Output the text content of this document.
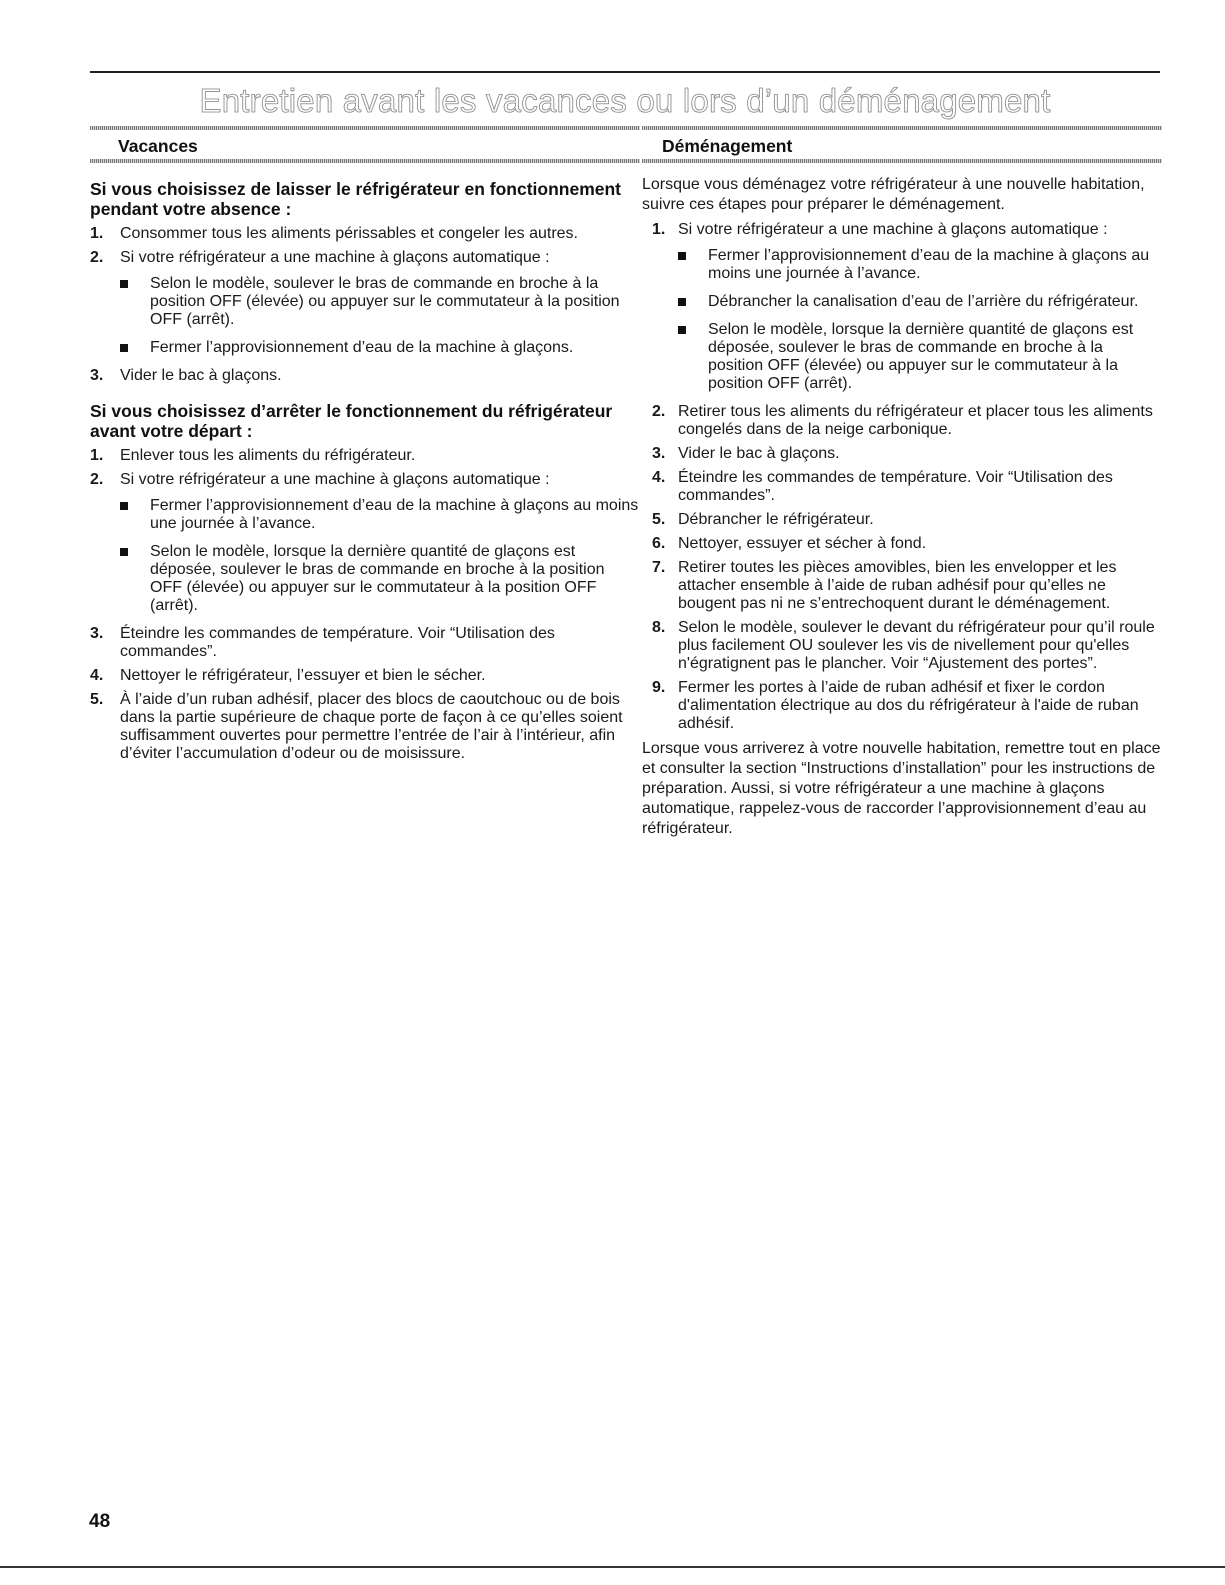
Entretien avant les vacances ou lors d’un déménagement
Vacances
Si vous choisissez de laisser le réfrigérateur en fonctionnement pendant votre absence :
1. Consommer tous les aliments périssables et congeler les autres.
2. Si votre réfrigérateur a une machine à glaçons automatique :
Selon le modèle, soulever le bras de commande en broche à la position OFF (élevée) ou appuyer sur le commutateur à la position OFF (arrêt).
Fermer l’approvisionnement d’eau de la machine à glaçons.
3. Vider le bac à glaçons.
Si vous choisissez d’arrêter le fonctionnement du réfrigérateur avant votre départ :
1. Enlever tous les aliments du réfrigérateur.
2. Si votre réfrigérateur a une machine à glaçons automatique :
Fermer l’approvisionnement d’eau de la machine à glaçons au moins une journée à l’avance.
Selon le modèle, lorsque la dernière quantité de glaçons est déposée, soulever le bras de commande en broche à la position OFF (élevée) ou appuyer sur le commutateur à la position OFF (arrêt).
3. Éteindre les commandes de température. Voir “Utilisation des commandes”.
4. Nettoyer le réfrigérateur, l’essuyer et bien le sécher.
5. À l’aide d’un ruban adhésif, placer des blocs de caoutchouc ou de bois dans la partie supérieure de chaque porte de façon à ce qu’elles soient suffisamment ouvertes pour permettre l’entrée de l’air à l’intérieur, afin d’éviter l’accumulation d’odeur ou de moisissure.
Déménagement

Lorsque vous déménagez votre réfrigérateur à une nouvelle habitation, suivre ces étapes pour préparer le déménagement.

1. Si votre réfrigérateur a une machine à glaçons automatique :
Fermer l’approvisionnement d’eau de la machine à glaçons au moins une journée à l’avance.
Débrancher la canalisation d’eau de l’arrière du réfrigérateur.
Selon le modèle, lorsque la dernière quantité de glaçons est déposée, soulever le bras de commande en broche à la position OFF (élevée) ou appuyer sur le commutateur à la position OFF (arrêt).
2. Retirer tous les aliments du réfrigérateur et placer tous les aliments congelés dans de la neige carbonique.
3. Vider le bac à glaçons.
4. Éteindre les commandes de température. Voir “Utilisation des commandes”.
5. Débrancher le réfrigérateur.
6. Nettoyer, essuyer et sécher à fond.
7. Retirer toutes les pièces amovibles, bien les envelopper et les attacher ensemble à l’aide de ruban adhésif pour qu’elles ne bougent pas ni ne s’entrechoquent durant le déménagement.
8. Selon le modèle, soulever le devant du réfrigérateur pour qu’il roule plus facilement OU soulever les vis de nivellement pour qu'elles n'égratignent pas le plancher. Voir “Ajustement des portes”.
9. Fermer les portes à l’aide de ruban adhésif et fixer le cordon d'alimentation électrique au dos du réfrigérateur à l'aide de ruban adhésif.

Lorsque vous arriverez à votre nouvelle habitation, remettre tout en place et consulter la section “Instructions d’installation” pour les instructions de préparation. Aussi, si votre réfrigérateur a une machine à glaçons automatique, rappelez-vous de raccorder l’approvisionnement d’eau au réfrigérateur.

48
